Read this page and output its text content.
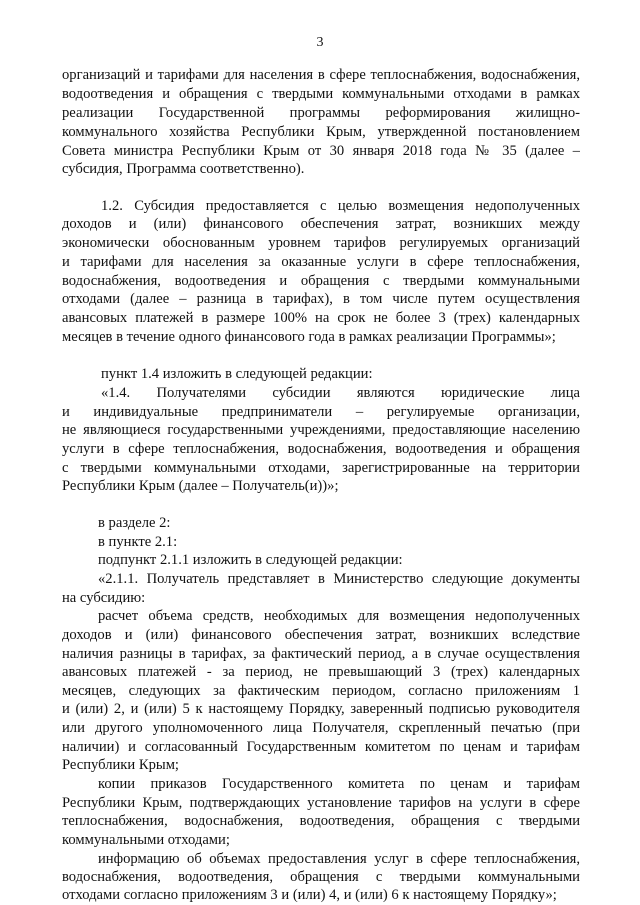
3
организаций и тарифами для населения в сфере теплоснабжения, водоснабжения,
водоотведения и обращения с твердыми коммунальными отходами в рамках
реализации Государственной программы реформирования жилищно-
коммунального хозяйства Республики Крым, утвержденной постановлением
Совета министра Республики Крым от 30 января 2018 года № 35 (далее –
субсидия, Программа соответственно).
1.2. Субсидия предоставляется с целью возмещения недополученных
доходов и (или) финансового обеспечения затрат, возникших между
экономически обоснованным уровнем тарифов регулируемых организаций
и тарифами для населения за оказанные услуги в сфере теплоснабжения,
водоснабжения, водоотведения и обращения с твердыми коммунальными
отходами (далее – разница в тарифах), в том числе путем осуществления
авансовых платежей в размере 100% на срок не более 3 (трех) календарных
месяцев в течение одного финансового года в рамках реализации Программы»;
пункт 1.4 изложить в следующей редакции:
«1.4. Получателями субсидии являются юридические лица
и индивидуальные предприниматели – регулируемые организации,
не являющиеся государственными учреждениями, предоставляющие населению
услуги в сфере теплоснабжения, водоснабжения, водоотведения и обращения
с твердыми коммунальными отходами, зарегистрированные на территории
Республики Крым (далее – Получатель(и))»;
в разделе 2:
в пункте 2.1:
подпункт 2.1.1 изложить в следующей редакции:
«2.1.1. Получатель представляет в Министерство следующие документы
на субсидию:
расчет объема средств, необходимых для возмещения недополученных
доходов и (или) финансового обеспечения затрат, возникших вследствие
наличия разницы в тарифах, за фактический период, а в случае осуществления
авансовых платежей - за период, не превышающий 3 (трех) календарных
месяцев, следующих за фактическим периодом, согласно приложениям 1
и (или) 2, и (или) 5 к настоящему Порядку, заверенный подписью руководителя
или другого уполномоченного лица Получателя, скрепленный печатью (при
наличии) и согласованный Государственным комитетом по ценам и тарифам
Республики Крым;
копии приказов Государственного комитета по ценам и тарифам
Республики Крым, подтверждающих установление тарифов на услуги в сфере
теплоснабжения, водоснабжения, водоотведения, обращения с твердыми
коммунальными отходами;
информацию об объемах предоставления услуг в сфере теплоснабжения,
водоснабжения, водоотведения, обращения с твердыми коммунальными
отходами согласно приложениям 3 и (или) 4, и (или) 6 к настоящему Порядку»;
